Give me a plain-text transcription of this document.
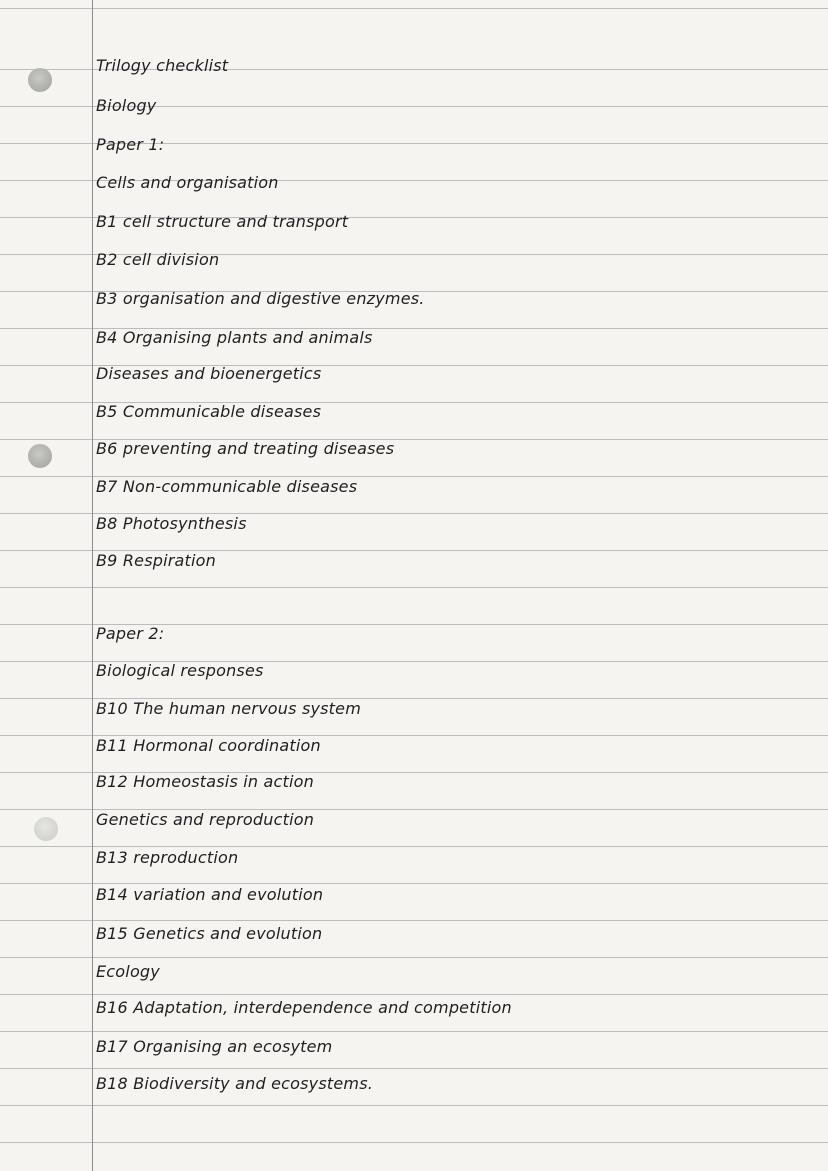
Trilogy checklist
Biology
Paper 1:
Cells and organisation
B1 cell structure and transport
B2 cell division
B3 organisation and digestive enzymes.
B4 Organising plants and animals
Diseases and bioenergetics
B5 Communicable diseases
B6 preventing and treating diseases
B7 Non-communicable diseases
B8 Photosynthesis
B9 Respiration
Paper 2:
Biological responses
B10 The human nervous system
B11 Hormonal coordination
B12 Homeostasis in action
Genetics and reproduction
B13 reproduction
B14 variation and evolution
B15 Genetics and evolution
Ecology
B16 Adaptation, interdependence and competition
B17 Organising an ecosytem
B18 Biodiversity and ecosystems.
